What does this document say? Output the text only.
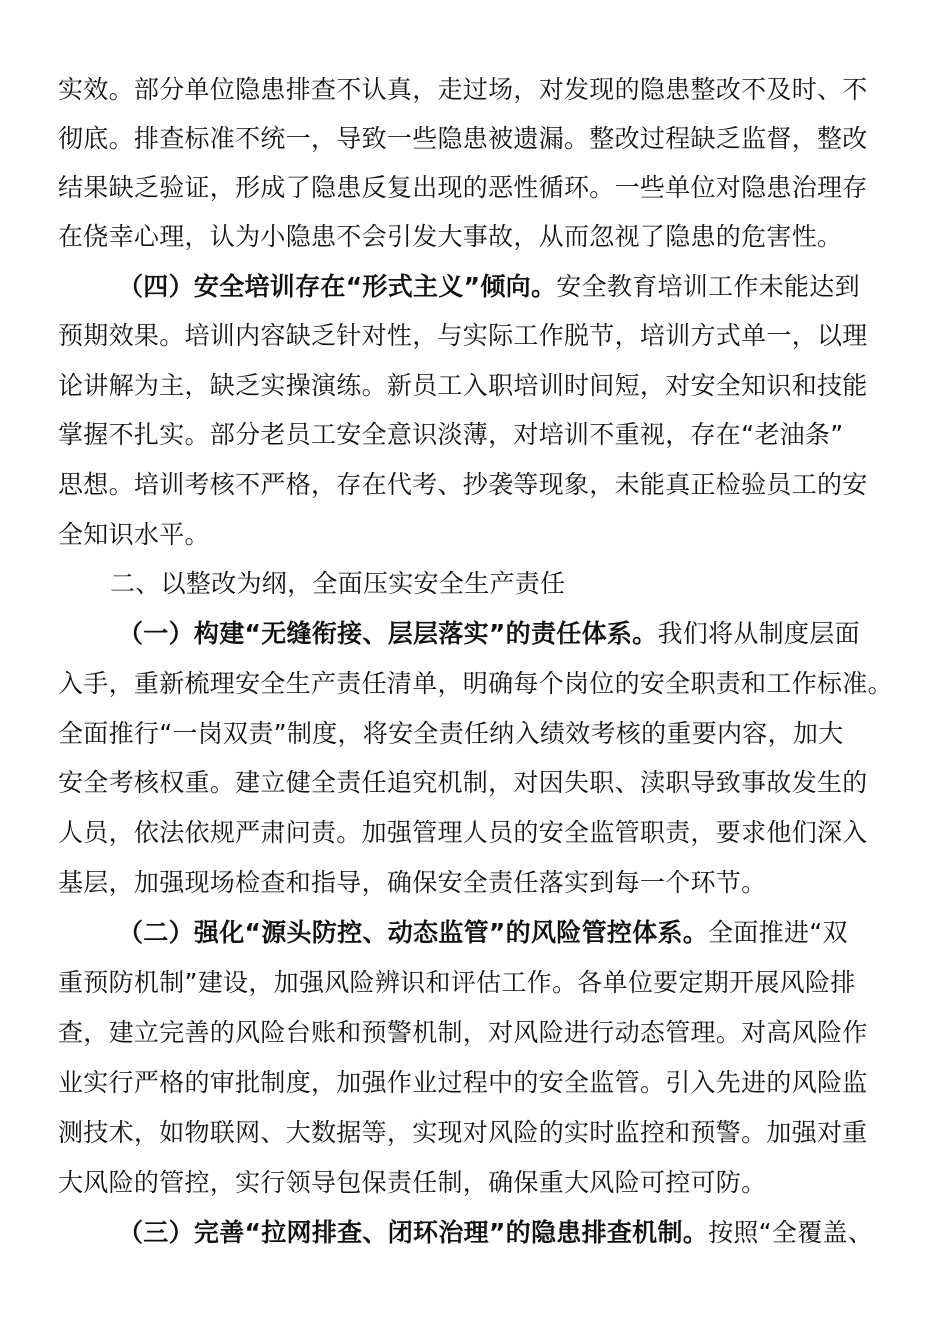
实效。部分单位隐患排查不认真，走过场，对发现的隐患整改不及时、不
彻底。排查标准不统一，导致一些隐患被遗漏。整改过程缺乏监督，整改
结果缺乏验证，形成了隐患反复出现的恶性循环。一些单位对隐患治理存
在侥幸心理，认为小隐患不会引发大事故，从而忽视了隐患的危害性。
（四）安全培训存在“形式主义”倾向。安全教育培训工作未能达到
预期效果。培训内容缺乏针对性，与实际工作脱节，培训方式单一，以理
论讲解为主，缺乏实操演练。新员工入职培训时间短，对安全知识和技能
掌握不扎实。部分老员工安全意识淡薄，对培训不重视，存在“老油条”
思想。培训考核不严格，存在代考、抄袭等现象，未能真正检验员工的安
全知识水平。
二、以整改为纲，全面压实安全生产责任
（一）构建“无缝衔接、层层落实”的责任体系。我们将从制度层面
入手，重新梳理安全生产责任清单，明确每个岗位的安全职责和工作标准。
全面推行“一岗双责”制度，将安全责任纳入绩效考核的重要内容，加大
安全考核权重。建立健全责任追究机制，对因失职、渎职导致事故发生的
人员，依法依规严肃问责。加强管理人员的安全监管职责，要求他们深入
基层，加强现场检查和指导，确保安全责任落实到每一个环节。
（二）强化“源头防控、动态监管”的风险管控体系。全面推进“双
重预防机制”建设，加强风险辨识和评估工作。各单位要定期开展风险排
查，建立完善的风险台账和预警机制，对风险进行动态管理。对高风险作
业实行严格的审批制度，加强作业过程中的安全监管。引入先进的风险监
测技术，如物联网、大数据等，实现对风险的实时监控和预警。加强对重
大风险的管控，实行领导包保责任制，确保重大风险可控可防。
（三）完善“拉网排查、闭环治理”的隐患排查机制。按照“全覆盖、
